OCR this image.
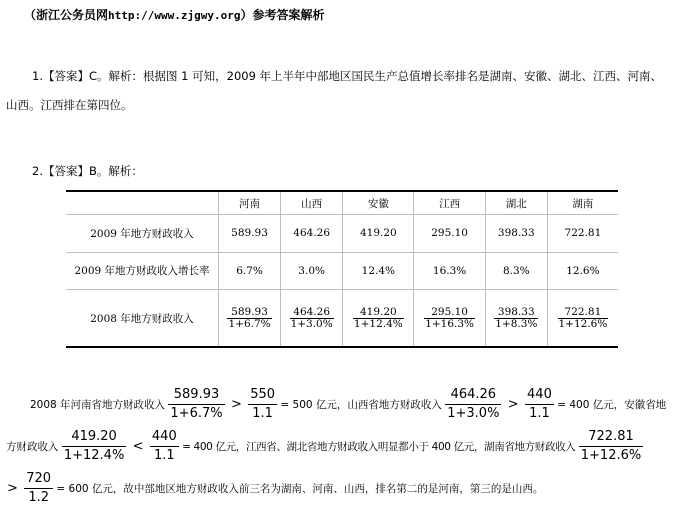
（浙江公务员网http://www.zjgwy.org）参考答案解析
1.【答案】C。解析：根据图 1 可知，2009 年上半年中部地区国民生产总值增长率排名是湖南、安徽、湖北、江西、河南、
山西。江西排在第四位。
2.【答案】B。解析：
	河南	山西	安徽	江西	湖北	湖南
2009 年地方财政收入	589.93	464.26	419.20	295.10	398.33	722.81
2009 年地方财政收入增长率	6.7%	3.0%	12.4%	16.3%	8.3%	12.6%
2008 年地方财政收入	$\frac{589.93}{1+6.7\%}$	$\frac{464.26}{1+3.0\%}$	$\frac{419.20}{1+12.4\%}$	$\frac{295.10}{1+16.3\%}$	$\frac{398.33}{1+8.3\%}$	$\frac{722.81}{1+12.6\%}$
2008 年河南省地方财政收入 $\frac{589.93}{1+6.7\%} > \frac{550}{1.1} = 500$ 亿元，山西省地方财政收入 $\frac{464.26}{1+3.0\%} > \frac{440}{1.1} = 400$ 亿元，安徽省地
方财政收入 $\frac{419.20}{1+12.4\%} < \frac{440}{1.1} = 400$ 亿元，江西省、湖北省地方财政收入明显都小于 400 亿元，湖南省地方财政收入 $\frac{722.81}{1+12.6\%}$
> $\frac{720}{1.2} = 600$ 亿元，故中部地区地方财政收入前三名为湖南、河南、山西，排名第二的是河南，第三的是山西。
